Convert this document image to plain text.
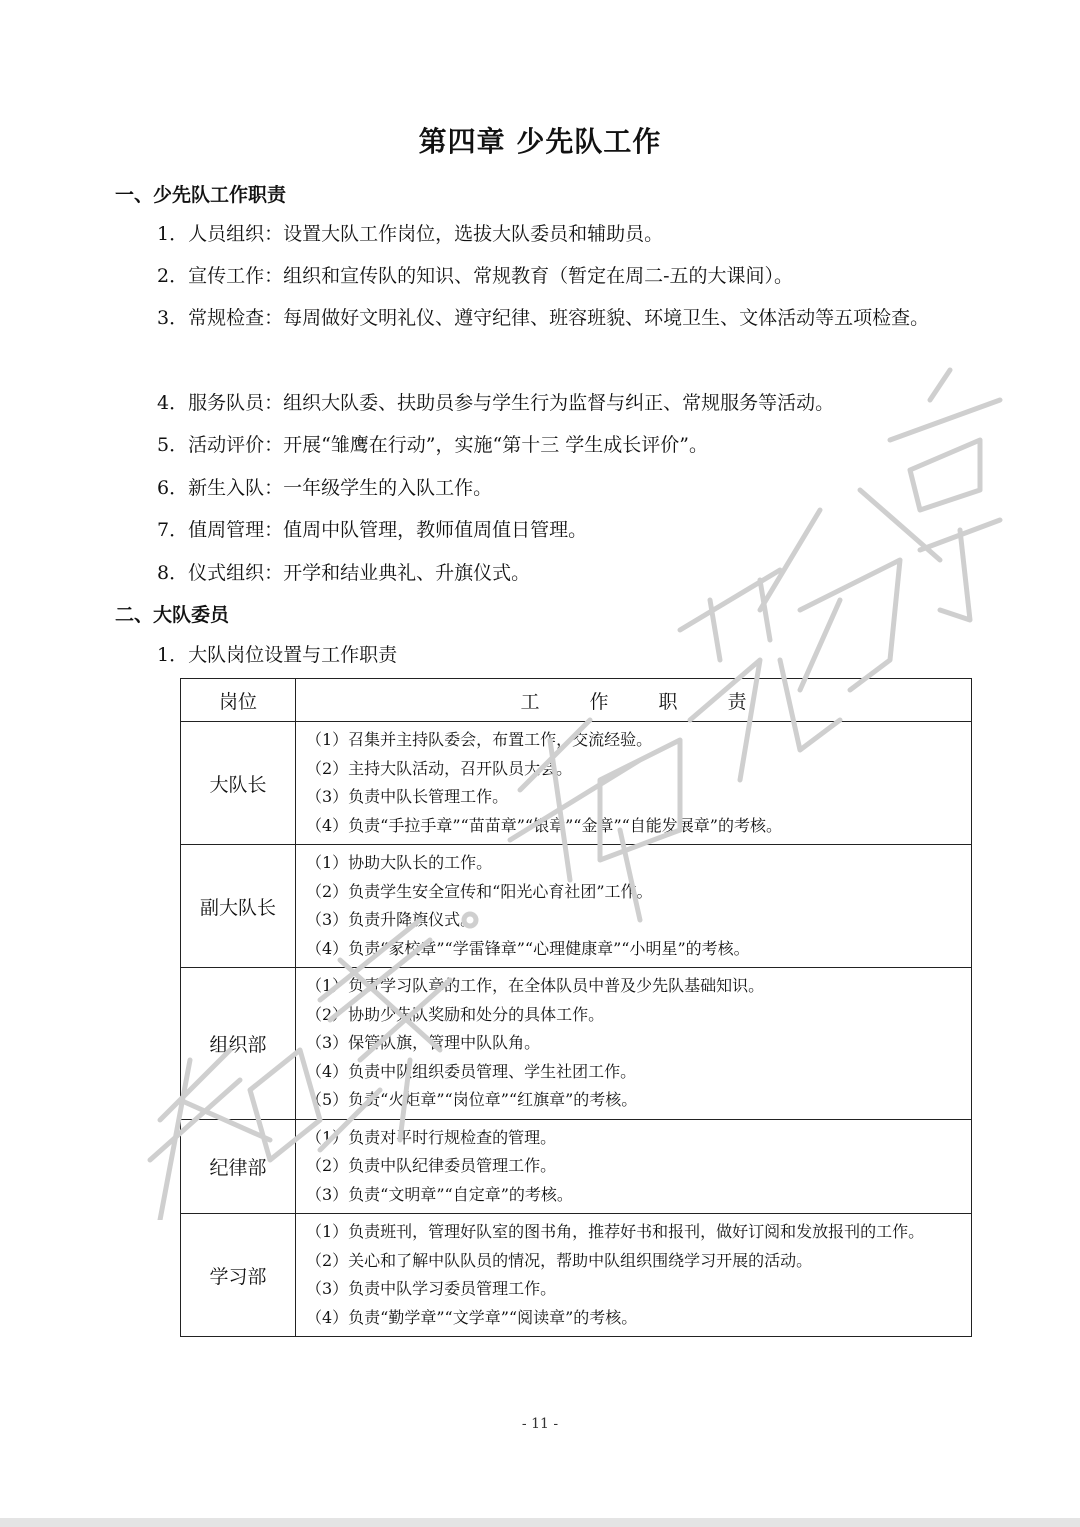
第四章 少先队工作
一、少先队工作职责
1．人员组织：设置大队工作岗位，选拔大队委员和辅助员。
2．宣传工作：组织和宣传队的知识、常规教育（暂定在周二-五的大课间）。
3．常规检查：每周做好文明礼仪、遵守纪律、班容班貌、环境卫生、文体活动等五项检查。
4．服务队员：组织大队委、扶助员参与学生行为监督与纠正、常规服务等活动。
5．活动评价：开展“雏鹰在行动”，实施“第十三 学生成长评价”。
6．新生入队：一年级学生的入队工作。
7．值周管理：值周中队管理，教师值周值日管理。
8．仪式组织：开学和结业典礼、升旗仪式。
二、大队委员
1．大队岗位设置与工作职责
岗位	工作职责
大队长	（1）召集并主持队委会，布置工作，交流经验。
（2）主持大队活动，召开队员大会。
（3）负责中队长管理工作。
（4）负责“手拉手章”“苗苗章”“银章”“金章”“自能发展章”的考核。

副大队长	（1）协助大队长的工作。
（2）负责学生安全宣传和“阳光心育社团”工作。
（3）负责升降旗仪式。
（4）负责“家校章”“学雷锋章”“心理健康章”“小明星”的考核。

组织部	（1）负责学习队章的工作，在全体队员中普及少先队基础知识。
（2）协助少先队奖励和处分的具体工作。
（3）保管队旗，管理中队队角。
（4）负责中队组织委员管理、学生社团工作。
（5）负责“火炬章”“岗位章”“红旗章”的考核。

纪律部	（1）负责对平时行规检查的管理。
（2）负责中队纪律委员管理工作。
（3）负责“文明章”“自定章”的考核。

学习部	（1）负责班刊，管理好队室的图书角，推荐好书和报刊，做好订阅和发放报刊的工作。
（2）关心和了解中队队员的情况，帮助中队组织围绕学习开展的活动。
（3）负责中队学习委员管理工作。
（4）负责“勤学章”“文学章”“阅读章”的考核。
- 11 -
